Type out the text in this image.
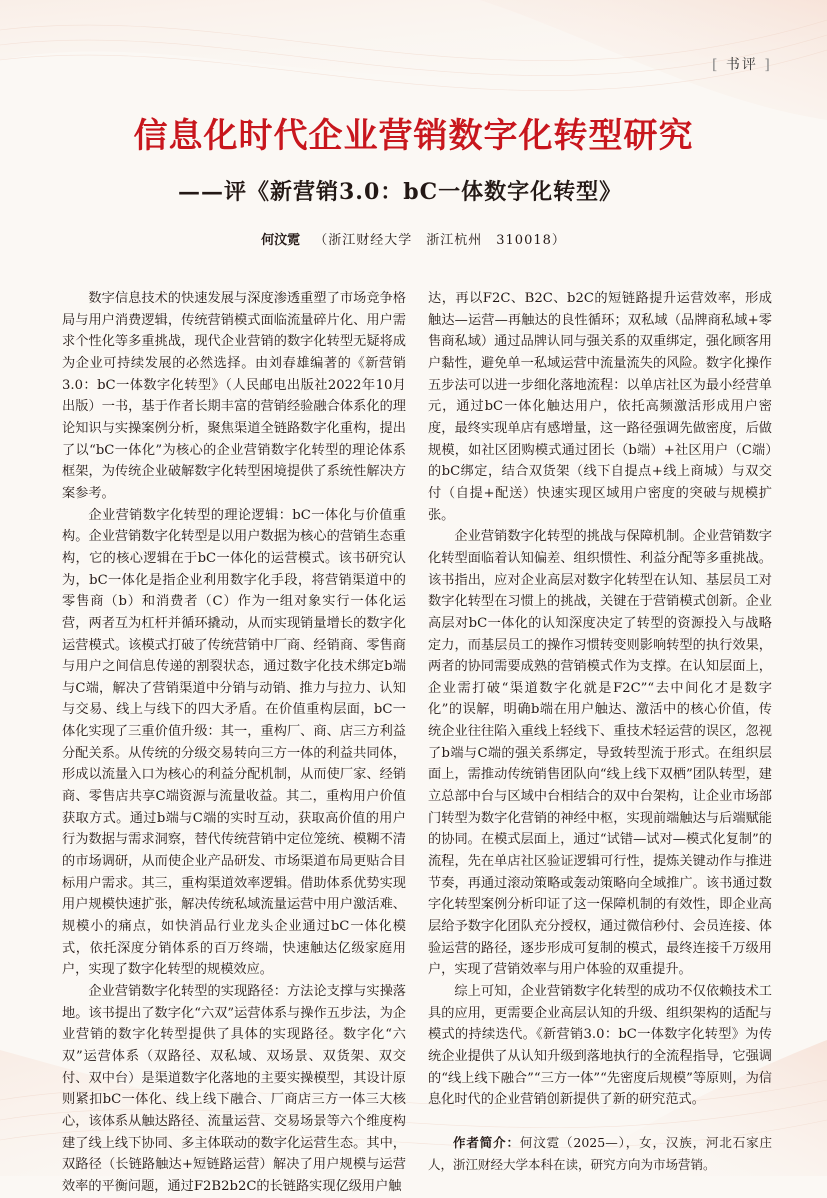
[ 书评 ]
信息化时代企业营销数字化转型研究
——评《新营销3.0：bC一体数字化转型》
何汶霓 （浙江财经大学　浙江杭州　310018）

数字信息技术的快速发展与深度渗透重塑了市场竞争格局与用户消费逻辑，传统营销模式面临流量碎片化、用户需求个性化等多重挑战，现代企业营销的数字化转型无疑将成为企业可持续发展的必然选择。由刘春雄编著的《新营销3.0：bC一体数字化转型》（人民邮电出版社2022年10月出版）一书，基于作者长期丰富的营销经验融合体系化的理论知识与实操案例分析，聚焦渠道全链路数字化重构，提出了以“bC一体化”为核心的企业营销数字化转型的理论体系框架，为传统企业破解数字化转型困境提供了系统性解决方案参考。

企业营销数字化转型的理论逻辑：bC一体化与价值重构。企业营销数字化转型是以用户数据为核心的营销生态重构，它的核心逻辑在于bC一体化的运营模式。该书研究认为，bC一体化是指企业利用数字化手段，将营销渠道中的零售商（b）和消费者（C）作为一组对象实行一体化运营，两者互为杠杆并循环撬动，从而实现销量增长的数字化运营模式。该模式打破了传统营销中厂商、经销商、零售商与用户之间信息传递的割裂状态，通过数字化技术绑定b端与C端，解决了营销渠道中分销与动销、推力与拉力、认知与交易、线上与线下的四大矛盾。在价值重构层面，bC一体化实现了三重价值升级：其一，重构厂、商、店三方利益分配关系。从传统的分级交易转向三方一体的利益共同体，形成以流量入口为核心的利益分配机制，从而使厂家、经销商、零售店共享C端资源与流量收益。其二，重构用户价值获取方式。通过b端与C端的实时互动，获取高价值的用户行为数据与需求洞察，替代传统营销中定位笼统、模糊不清的市场调研，从而使企业产品研发、市场渠道布局更贴合目标用户需求。其三，重构渠道效率逻辑。借助体系优势实现用户规模快速扩张，解决传统私域流量运营中用户激活难、规模小的痛点，如快消品行业龙头企业通过bC一体化模式，依托深度分销体系的百万终端，快速触达亿级家庭用户，实现了数字化转型的规模效应。

企业营销数字化转型的实现路径：方法论支撑与实操落地。该书提出了数字化“六双”运营体系与操作五步法，为企业营销的数字化转型提供了具体的实现路径。数字化“六双”运营体系（双路径、双私域、双场景、双货架、双交付、双中台）是渠道数字化落地的主要实操模型，其设计原则紧扣bC一体化、线上线下融合、厂商店三方一体三大核心，该体系从触达路径、流量运营、交易场景等六个维度构建了线上线下协同、多主体联动的数字化运营生态。其中，双路径（长链路触达+短链路运营）解决了用户规模与运营效率的平衡问题，通过F2B2b2C的长链路实现亿级用户触

达，再以F2C、B2C、b2C的短链路提升运营效率，形成触达—运营—再触达的良性循环；双私域（品牌商私域+零售商私域）通过品牌认同与强关系的双重绑定，强化顾客用户黏性，避免单一私域运营中流量流失的风险。数字化操作五步法可以进一步细化落地流程：以单店社区为最小经营单元，通过bC一体化触达用户，依托高频激活形成用户密度，最终实现单店有感增量，这一路径强调先做密度，后做规模，如社区团购模式通过团长（b端）+社区用户（C端）的bC绑定，结合双货架（线下自提点+线上商城）与双交付（自提+配送）快速实现区域用户密度的突破与规模扩张。

企业营销数字化转型的挑战与保障机制。企业营销数字化转型面临着认知偏差、组织惯性、利益分配等多重挑战。该书指出，应对企业高层对数字化转型在认知、基层员工对数字化转型在习惯上的挑战，关键在于营销模式创新。企业高层对bC一体化的认知深度决定了转型的资源投入与战略定力，而基层员工的操作习惯转变则影响转型的执行效果，两者的协同需要成熟的营销模式作为支撑。在认知层面上，企业需打破“渠道数字化就是F2C”“去中间化才是数字化”的误解，明确b端在用户触达、激活中的核心价值，传统企业往往陷入重线上轻线下、重技术轻运营的误区，忽视了b端与C端的强关系绑定，导致转型流于形式。在组织层面上，需推动传统销售团队向“线上线下双栖”团队转型，建立总部中台与区域中台相结合的双中台架构，让企业市场部门转型为数字化营销的神经中枢，实现前端触达与后端赋能的协同。在模式层面上，通过“试错—试对—模式化复制”的流程，先在单店社区验证逻辑可行性，提炼关键动作与推进节奏，再通过滚动策略或轰动策略向全域推广。该书通过数字化转型案例分析印证了这一保障机制的有效性，即企业高层给予数字化团队充分授权，通过微信秒付、会员连接、体验运营的路径，逐步形成可复制的模式，最终连接千万级用户，实现了营销效率与用户体验的双重提升。

综上可知，企业营销数字化转型的成功不仅依赖技术工具的应用，更需要企业高层认知的升级、组织架构的适配与模式的持续迭代。《新营销3.0：bC一体数字化转型》为传统企业提供了从认知升级到落地执行的全流程指导，它强调的“线上线下融合”“三方一体”“先密度后规模”等原则，为信息化时代的企业营销创新提供了新的研究范式。

作者简介：何汶霓（2025—），女，汉族，河北石家庄人，浙江财经大学本科在读，研究方向为市场营销。
